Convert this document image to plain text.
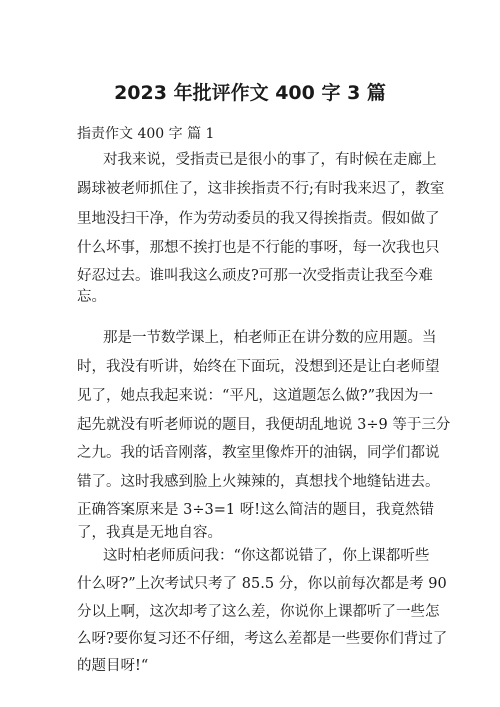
2023 年批评作文 400 字 3 篇
指责作文 400 字 篇 1
对我来说，受指责已是很小的事了，有时候在走廊上
踢球被老师抓住了，这非挨指责不行;有时我来迟了，教室
里地没扫干净，作为劳动委员的我又得挨指责。假如做了
什么坏事，那想不挨打也是不行能的事呀，每一次我也只
好忍过去。谁叫我这么顽皮?可那一次受指责让我至今难
忘。
那是一节数学课上，柏老师正在讲分数的应用题。当
时，我没有听讲，始终在下面玩，没想到还是让白老师望
见了，她点我起来说：“平凡，这道题怎么做?”我因为一
起先就没有听老师说的题目，我便胡乱地说 3÷9 等于三分
之九。我的话音刚落，教室里像炸开的油锅，同学们都说
错了。这时我感到脸上火辣辣的，真想找个地缝钻进去。
正确答案原来是 3÷3=1 呀!这么简洁的题目，我竟然错
了，我真是无地自容。
这时柏老师质问我：“你这都说错了，你上课都听些
什么呀?”上次考试只考了 85.5 分，你以前每次都是考 90
分以上啊，这次却考了这么差，你说你上课都听了一些怎
么呀?要你复习还不仔细，考这么差都是一些要你们背过了
的题目呀!“
